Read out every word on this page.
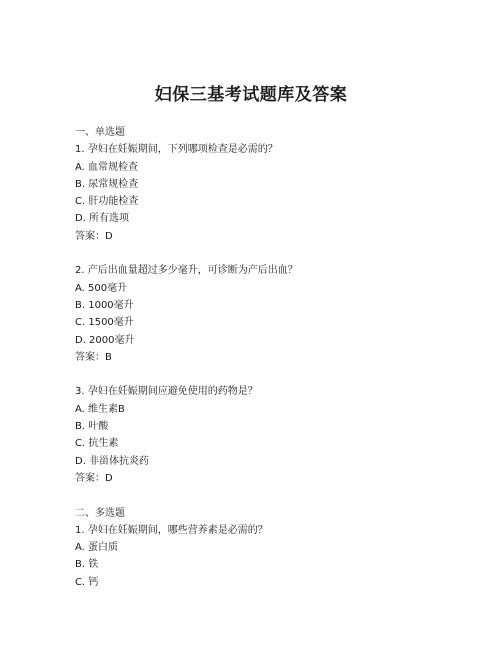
妇保三基考试题库及答案
一、单选题
1. 孕妇在妊娠期间，下列哪项检查是必需的？
A. 血常规检查
B. 尿常规检查
C. 肝功能检查
D. 所有选项
答案：D
2. 产后出血量超过多少毫升，可诊断为产后出血？
A. 500毫升
B. 1000毫升
C. 1500毫升
D. 2000毫升
答案：B
3. 孕妇在妊娠期间应避免使用的药物是？
A. 维生素B
B. 叶酸
C. 抗生素
D. 非甾体抗炎药
答案：D
二、多选题
1. 孕妇在妊娠期间，哪些营养素是必需的？
A. 蛋白质
B. 铁
C. 钙
